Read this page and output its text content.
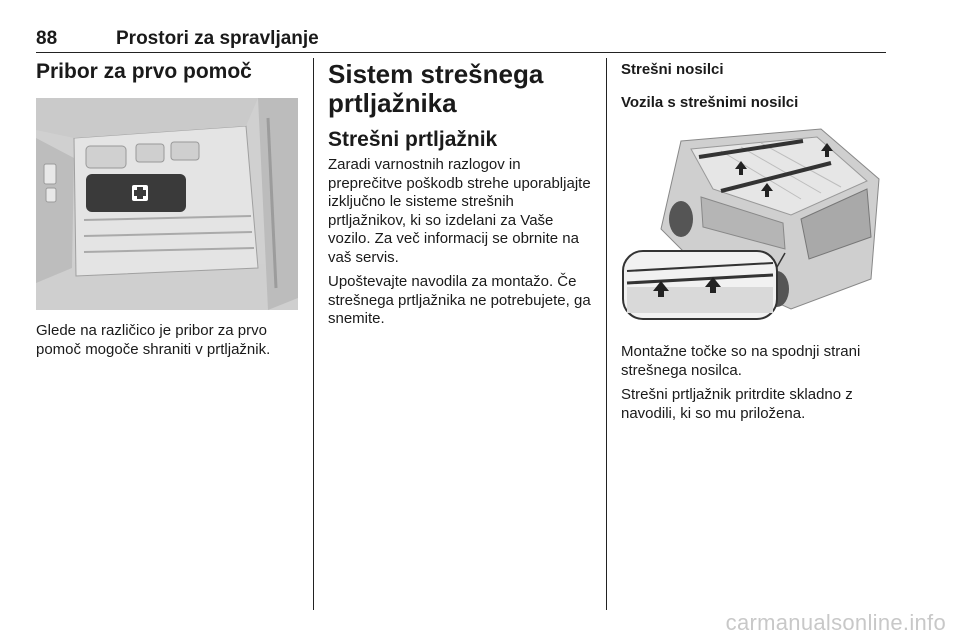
88	Prostori za spravljanje
Pribor za prvo pomoč

Glede na različico je pribor za prvo pomoč mogoče shraniti v prtljažnik.

Sistem strešnega prtljažnika
Strešni prtljažnik

Zaradi varnostnih razlogov in preprečitve poškodb strehe uporabljajte izključno le sisteme strešnih prtljažnikov, ki so izdelani za Vaše vozilo. Za več informacij se obrnite na vaš servis.

Upoštevajte navodila za montažo. Če strešnega prtljažnika ne potrebujete, ga snemite.

Strešni nosilci
Vozila s strešnimi nosilci

Montažne točke so na spodnji strani strešnega nosilca.

Strešni prtljažnik pritrdite skladno z navodili, ki so mu priložena.

carmanualsonline.info
